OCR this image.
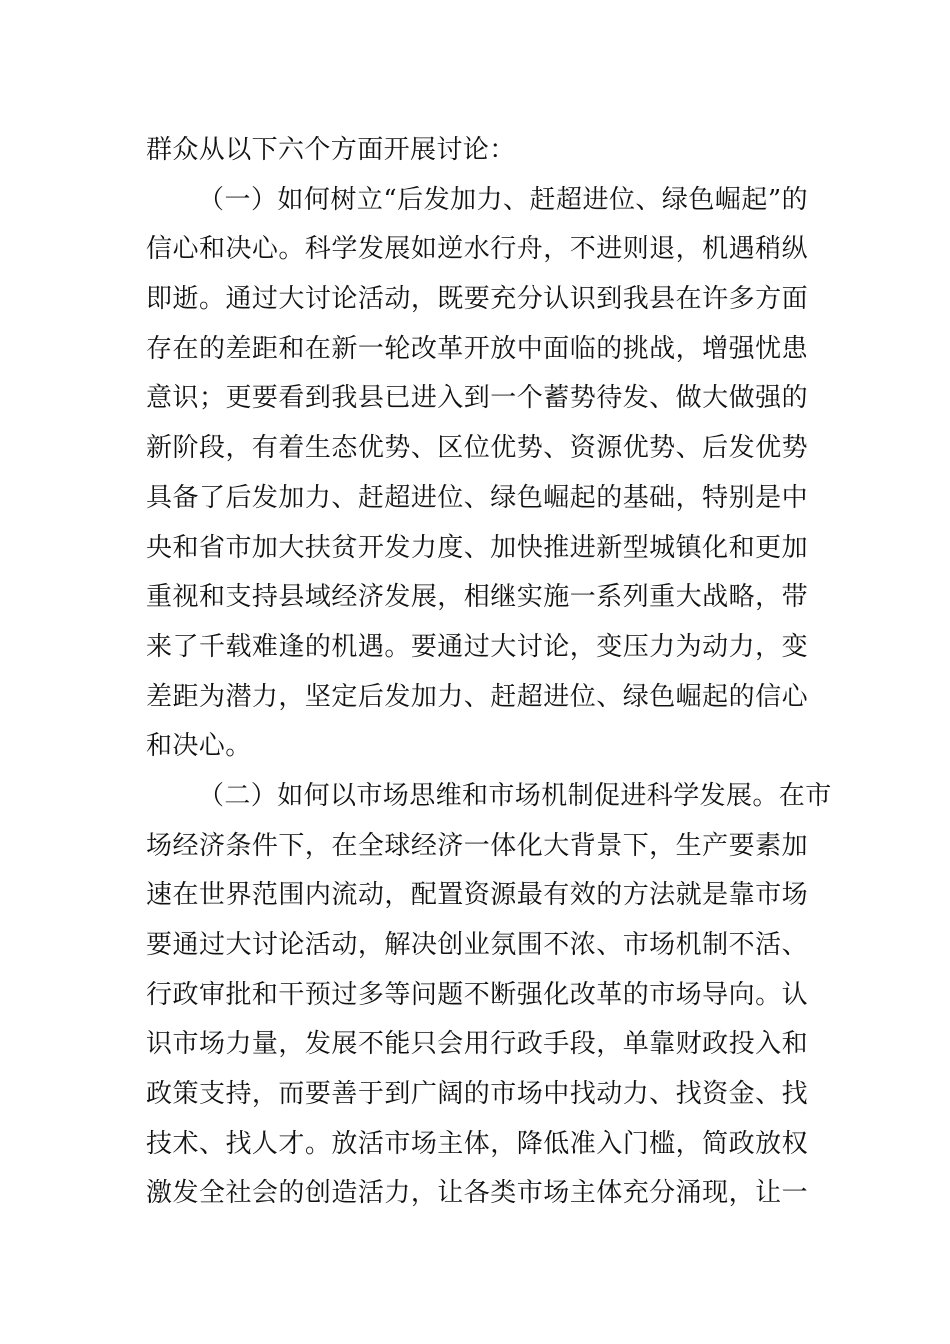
群众从以下六个方面开展讨论：
（一）如何树立“后发加力、赶超进位、绿色崛起”的
信心和决心。科学发展如逆水行舟，不进则退，机遇稍纵
即逝。通过大讨论活动，既要充分认识到我县在许多方面
存在的差距和在新一轮改革开放中面临的挑战，增强忧患
意识；更要看到我县已进入到一个蓄势待发、做大做强的
新阶段，有着生态优势、区位优势、资源优势、后发优势
具备了后发加力、赶超进位、绿色崛起的基础，特别是中
央和省市加大扶贫开发力度、加快推进新型城镇化和更加
重视和支持县域经济发展，相继实施一系列重大战略，带
来了千载难逢的机遇。要通过大讨论，变压力为动力，变
差距为潜力，坚定后发加力、赶超进位、绿色崛起的信心
和决心。
（二）如何以市场思维和市场机制促进科学发展。在市
场经济条件下，在全球经济一体化大背景下，生产要素加
速在世界范围内流动，配置资源最有效的方法就是靠市场
要通过大讨论活动，解决创业氛围不浓、市场机制不活、
行政审批和干预过多等问题不断强化改革的市场导向。认
识市场力量，发展不能只会用行政手段，单靠财政投入和
政策支持，而要善于到广阔的市场中找动力、找资金、找
技术、找人才。放活市场主体，降低准入门槛，简政放权
激发全社会的创造活力，让各类市场主体充分涌现，让一
